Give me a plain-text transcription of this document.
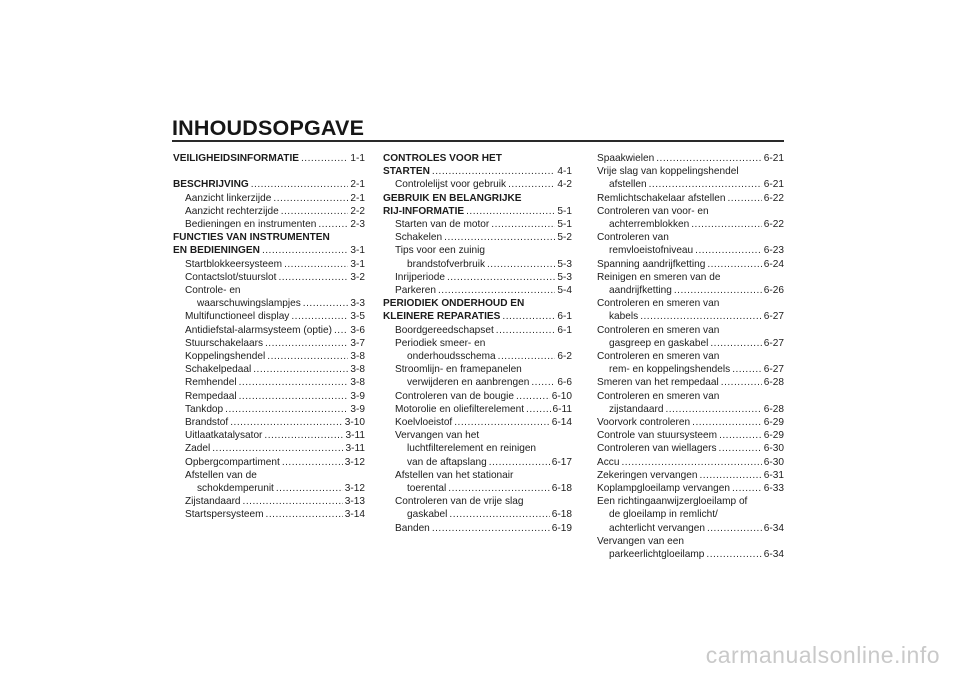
INHOUDSOPGAVE
VEILIGHEIDSINFORMATIE .....	1-1
BESCHRIJVING .....	2-1
Aanzicht linkerzijde .....	2-1
Aanzicht rechterzijde .....	2-2
Bedieningen en instrumenten .....	2-3
FUNCTIES VAN INSTRUMENTEN
EN BEDIENINGEN .....	3-1
Startblokkeersysteem .....	3-1
Contactslot/stuurslot .....	3-2
Controle- en
waarschuwingslampjes .....	3-3
Multifunctioneel display .....	3-5
Antidiefstal-alarmsysteem (optie) ..... 3-6
Stuurschakelaars .....	3-7
Koppelingshendel .....	3-8
Schakelpedaal .....	3-8
Remhendel .....	3-8
Rempedaal .....	3-9
Tankdop .....	3-9
Brandstof .....	3-10
Uitlaatkatalysator .....	3-11
Zadel .....	3-11
Opbergcompartiment .....	3-12
Afstellen van de
schokdemperunit .....	3-12
Zijstandaard .....	3-13
Startspersysteem .....	3-14
CONTROLES VOOR HET
STARTEN .....	4-1
Controlelijst voor gebruik .....	4-2
GEBRUIK EN BELANGRIJKE
RIJ-INFORMATIE .....	5-1
Starten van de motor .....	5-1
Schakelen .....	5-2
Tips voor een zuinig
brandstofverbruik .....	5-3
Inrijperiode .....	5-3
Parkeren .....	5-4
PERIODIEK ONDERHOUD EN
KLEINERE REPARATIES .....	6-1
Boordgereedschapset .....	6-1
Periodiek smeer- en
onderhoudsschema .....	6-2
Stroomlijn- en framepanelen
verwijderen en aanbrengen .....	6-6
Controleren van de bougie .....	6-10
Motorolie en oliefilterelement .....	6-11
Koelvloeistof .....	6-14
Vervangen van het
luchtfilterelement en reinigen
van de aftapslang .....	6-17
Afstellen van het stationair
toerental .....	6-18
Controleren van de vrije slag
gaskabel .....	6-18
Banden .....	6-19
Spaakwielen .....	6-21
Vrije slag van koppelingshendel
afstellen .....	6-21
Remlichtschakelaar afstellen .....	6-22
Controleren van voor- en
achterremblokken .....	6-22
Controleren van
remvloeistofniveau .....	6-23
Spanning aandrijfketting .....	6-24
Reinigen en smeren van de
aandrijfketting .....	6-26
Controleren en smeren van
kabels .....	6-27
Controleren en smeren van
gasgreep en gaskabel .....	6-27
Controleren en smeren van
rem- en koppelingshendels .....	6-27
Smeren van het rempedaal .....	6-28
Controleren en smeren van
zijstandaard .....	6-28
Voorvork controleren .....	6-29
Controle van stuursysteem .....	6-29
Controleren van wiellagers .....	6-30
Accu .....	6-30
Zekeringen vervangen .....	6-31
Koplampgloeilamp vervangen .....	6-33
Een richtingaanwijzergloeilamp of
de gloeilamp in remlicht/
achterlicht vervangen .....	6-34
Vervangen van een
parkeerlichtgloeilamp .....	6-34
carmanualsonline.info
